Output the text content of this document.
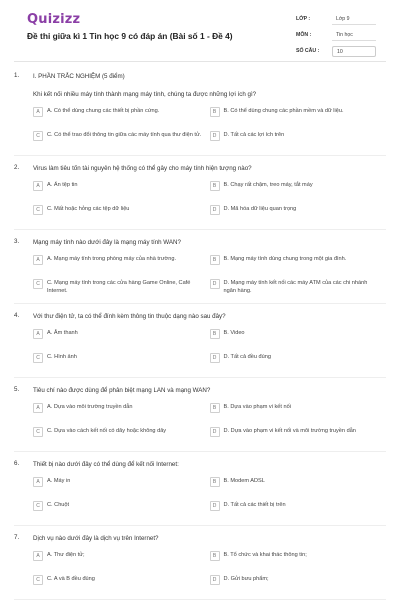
Quizizz
Đề thi giữa kì 1 Tin học 9 có đáp án (Bài số 1 - Đề 4)
LỚP :	Lớp 9
MÔN :	Tin học
SỐ CÂU :	10
1. I. PHẦN TRẮC NGHIỆM (5 điểm)
Khi kết nối nhiều máy tính thành mạng máy tính, chúng ta được những lợi ích gì?
A	A. Có thể dùng chung các thiết bị phần cứng.	B	B. Có thể dùng chung các phần mềm và dữ liệu.
C	C. Có thể trao đổi thông tin giữa các máy tính qua thư điện tử.	D	D. Tất cả các lợi ích trên
2. Virus làm tiêu tốn tài nguyên hệ thống có thể gây cho máy tính hiện tượng nào?
A	A. Ẩn tệp tin	B	B. Chạy rất chậm, treo máy, tắt máy
C	C. Mất hoặc hỏng các tệp dữ liệu	D	D. Mã hóa dữ liệu quan trọng
3. Mạng máy tính nào dưới đây là mạng máy tính WAN?
A	A. Mạng máy tính trong phòng máy của nhà trường.	B	B. Mạng máy tính dùng chung trong một gia đình.
C	C. Mạng máy tính trong các cửa hàng Game Online, Café Internet.
D	D. Mạng máy tính kết nối các máy ATM của các chi nhánh ngân hàng.
4. Với thư điện tử, ta có thể đính kèm thông tin thuộc dạng nào sau đây?
A	A. Âm thanh	B	B. Video
C	C. Hình ảnh	D	D. Tất cả đều đúng
5. Tiêu chí nào được dùng để phân biệt mạng LAN và mạng WAN?
A	A. Dựa vào môi trường truyền dẫn	B	B. Dựa vào phạm vi kết nối
C	C. Dựa vào cách kết nối có dây hoặc không dây	D	D. Dựa vào phạm vi kết nối và môi trường truyền dẫn
6. Thiết bị nào dưới đây có thể dùng để kết nối Internet:
A	A. Máy in	B	B. Modem ADSL
C	C. Chuột	D	D. Tất cả các thiết bị trên
7. Dịch vụ nào dưới đây là dịch vụ trên Internet?
A	A. Thư điện tử;	B	B. Tổ chức và khai thác thông tin;
C	C. A và B đều đúng	D	D. Gửi bưu phẩm;
